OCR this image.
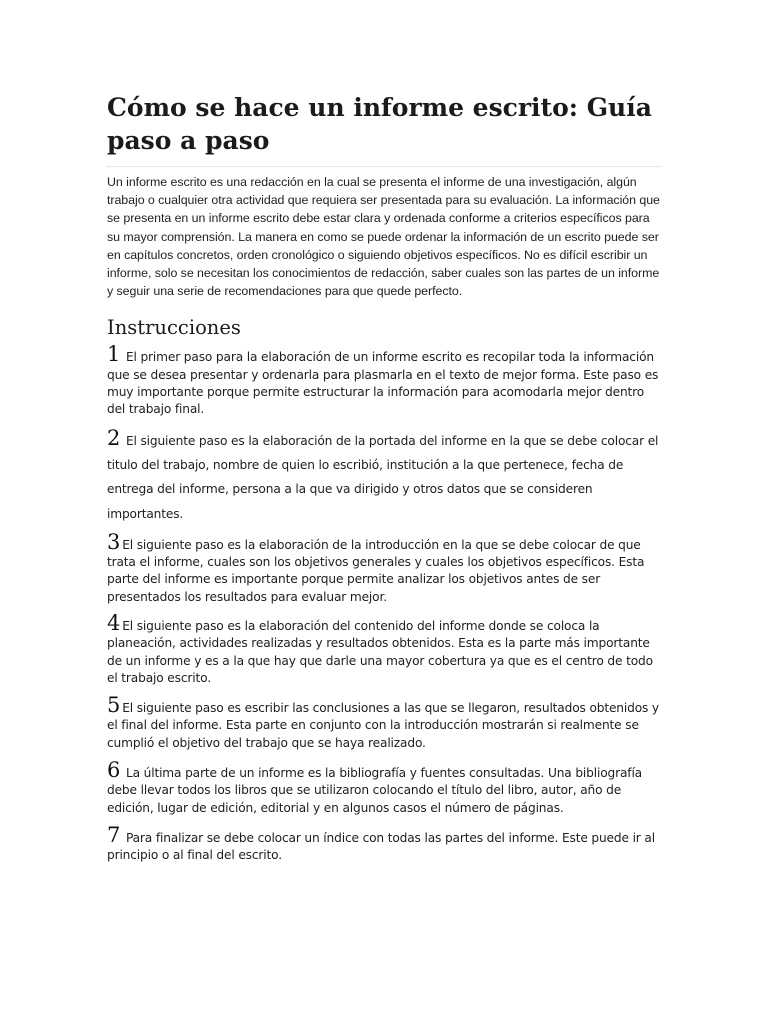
Cómo se hace un informe escrito: Guía paso a paso

Un informe escrito es una redacción en la cual se presenta el informe de una investigación, algún trabajo o cualquier otra actividad que requiera ser presentada para su evaluación. La información que se presenta en un informe escrito debe estar clara y ordenada conforme a criterios específicos para su mayor comprensión. La manera en como se puede ordenar la información de un escrito puede ser en capítulos concretos, orden cronológico o siguiendo objetivos específicos. No es difícil escribir un informe, solo se necesitan los conocimientos de redacción, saber cuales son las partes de un informe y seguir una serie de recomendaciones para que quede perfecto.

Instrucciones

1 El primer paso para la elaboración de un informe escrito es recopilar toda la información que se desea presentar y ordenarla para plasmarla en el texto de mejor forma. Este paso es muy importante porque permite estructurar la información para acomodarla mejor dentro del trabajo final.

2 El siguiente paso es la elaboración de la portada del informe en la que se debe colocar el titulo del trabajo, nombre de quien lo escribió, institución a la que pertenece, fecha de entrega del informe, persona a la que va dirigido y otros datos que se consideren importantes.

3 El siguiente paso es la elaboración de la introducción en la que se debe colocar de que trata el informe, cuales son los objetivos generales y cuales los objetivos específicos. Esta parte del informe es importante porque permite analizar los objetivos antes de ser presentados los resultados para evaluar mejor.

4 El siguiente paso es la elaboración del contenido del informe donde se coloca la planeación, actividades realizadas y resultados obtenidos. Esta es la parte más importante de un informe y es a la que hay que darle una mayor cobertura ya que es el centro de todo el trabajo escrito.

5 El siguiente paso es escribir las conclusiones a las que se llegaron, resultados obtenidos y el final del informe. Esta parte en conjunto con la introducción mostrarán si realmente se cumplió el objetivo del trabajo que se haya realizado.

6 La última parte de un informe es la bibliografía y fuentes consultadas. Una bibliografía debe llevar todos los libros que se utilizaron colocando el título del libro, autor, año de edición, lugar de edición, editorial y en algunos casos el número de páginas.

7 Para finalizar se debe colocar un índice con todas las partes del informe. Este puede ir al principio o al final del escrito.
